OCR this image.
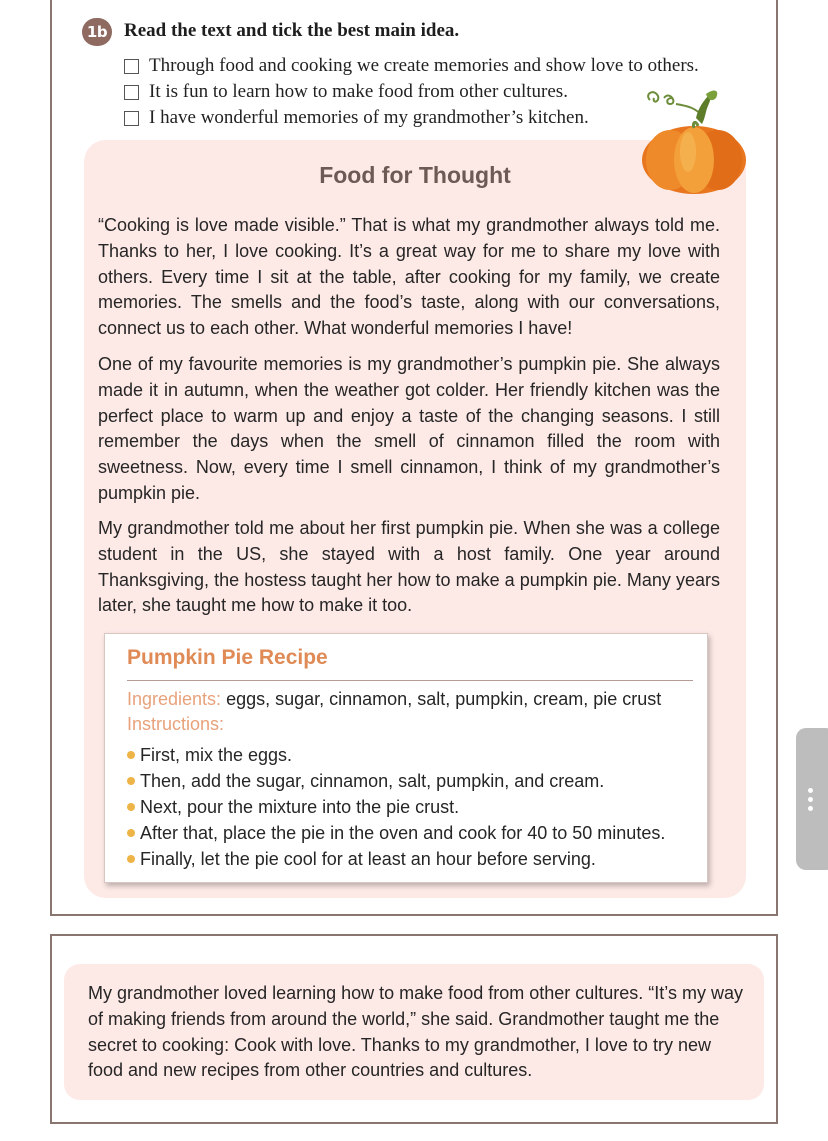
1b Read the text and tick the best main idea.
Through food and cooking we create memories and show love to others.
It is fun to learn how to make food from other cultures.
I have wonderful memories of my grandmother’s kitchen.
Food for Thought
“Cooking is love made visible.” That is what my grandmother always told me. Thanks to her, I love cooking. It’s a great way for me to share my love with others. Every time I sit at the table, after cooking for my family, we create memories. The smells and the food’s taste, along with our conversations, connect us to each other. What wonderful memories I have!
One of my favourite memories is my grandmother’s pumpkin pie. She always made it in autumn, when the weather got colder. Her friendly kitchen was the perfect place to warm up and enjoy a taste of the changing seasons. I still remember the days when the smell of cinnamon filled the room with sweetness. Now, every time I smell cinnamon, I think of my grandmother’s pumpkin pie.
My grandmother told me about her first pumpkin pie. When she was a college student in the US, she stayed with a host family. One year around Thanksgiving, the hostess taught her how to make a pumpkin pie. Many years later, she taught me how to make it too.
Pumpkin Pie Recipe
Ingredients: eggs, sugar, cinnamon, salt, pumpkin, cream, pie crust
Instructions:
First, mix the eggs.
Then, add the sugar, cinnamon, salt, pumpkin, and cream.
Next, pour the mixture into the pie crust.
After that, place the pie in the oven and cook for 40 to 50 minutes.
Finally, let the pie cool for at least an hour before serving.
My grandmother loved learning how to make food from other cultures. “It’s my way of making friends from around the world,” she said. Grandmother taught me the secret to cooking: Cook with love. Thanks to my grandmother, I love to try new food and new recipes from other countries and cultures.
